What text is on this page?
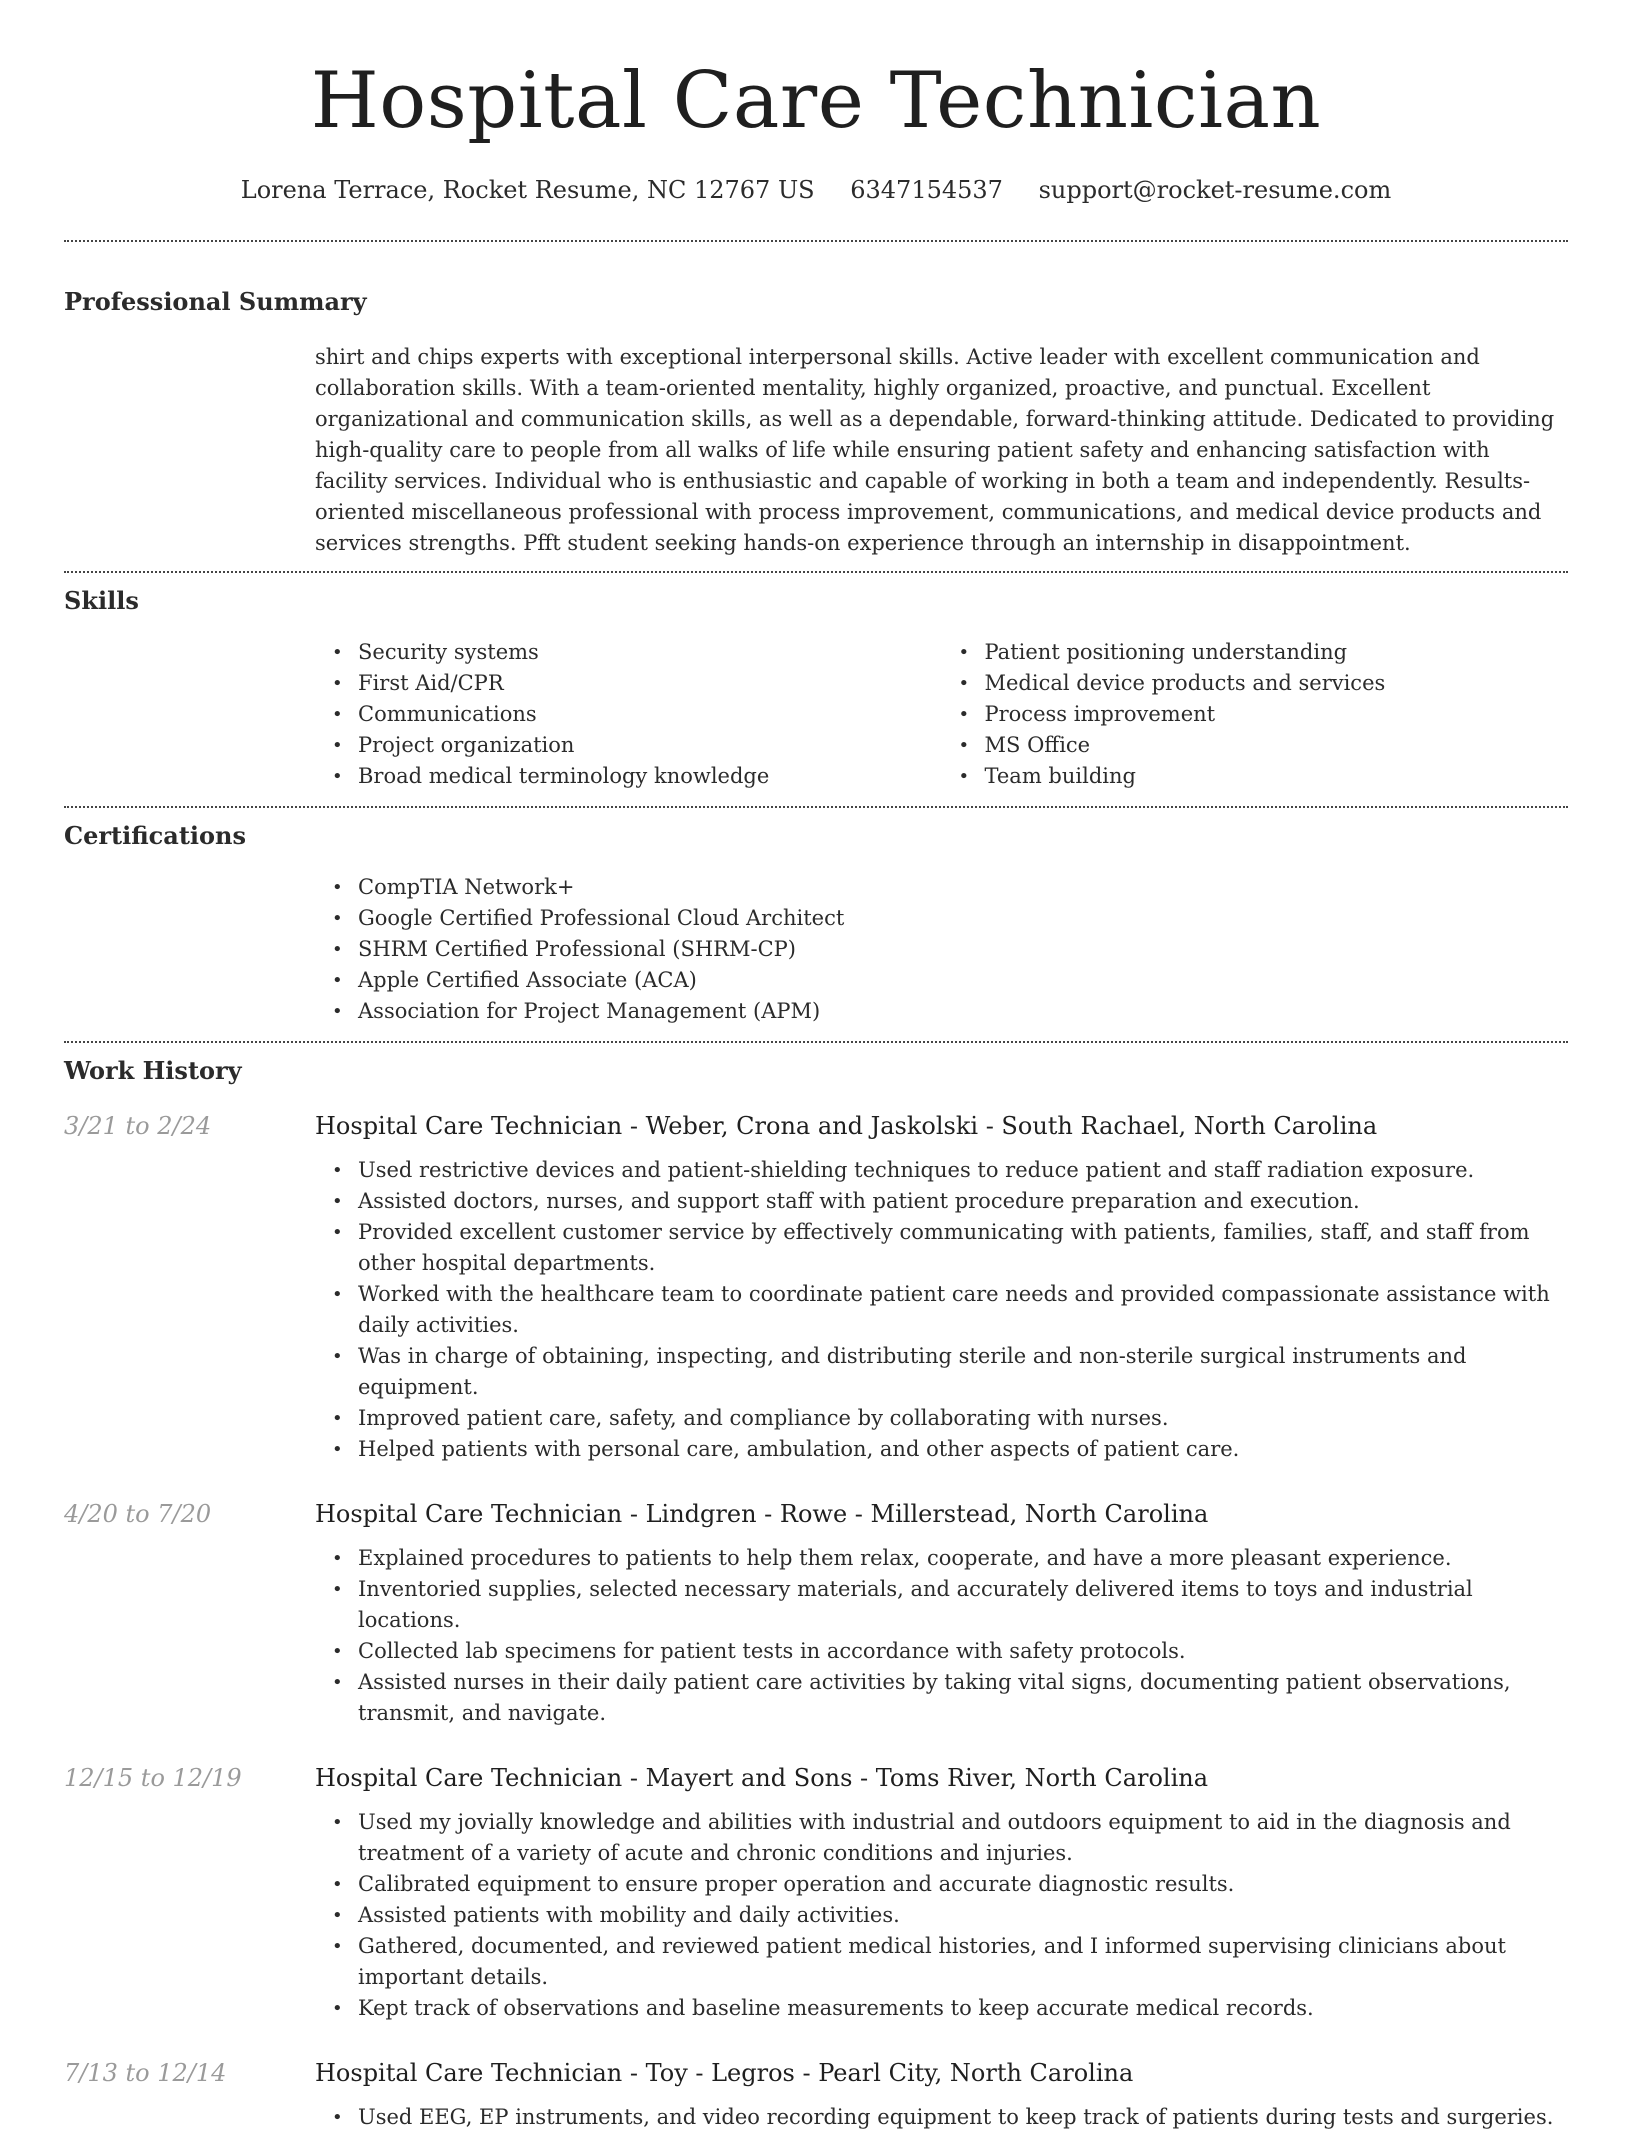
Hospital Care Technician
Lorena Terrace, Rocket Resume, NC 12767 US 6347154537 support@rocket-resume.com
Professional Summary

shirt and chips experts with exceptional interpersonal skills. Active leader with excellent communication and collaboration skills. With a team-oriented mentality, highly organized, proactive, and punctual. Excellent organizational and communication skills, as well as a dependable, forward-thinking attitude. Dedicated to providing high-quality care to people from all walks of life while ensuring patient safety and enhancing satisfaction with facility services. Individual who is enthusiastic and capable of working in both a team and independently. Results-oriented miscellaneous professional with process improvement, communications, and medical device products and services strengths. Pfft student seeking hands-on experience through an internship in disappointment.

Skills
• Security systems
• First Aid/CPR
• Communications
• Project organization
• Broad medical terminology knowledge
• Patient positioning understanding
• Medical device products and services
• Process improvement
• MS Office
• Team building
Certifications
• CompTIA Network+
• Google Certified Professional Cloud Architect
• SHRM Certified Professional (SHRM-CP)
• Apple Certified Associate (ACA)
• Association for Project Management (APM)
Work History
3/21 to 2/24	Hospital Care Technician - Weber, Crona and Jaskolski - South Rachael, North Carolina
• Used restrictive devices and patient-shielding techniques to reduce patient and staff radiation exposure.
• Assisted doctors, nurses, and support staff with patient procedure preparation and execution.
• Provided excellent customer service by effectively communicating with patients, families, staff, and staff from other hospital departments.
• Worked with the healthcare team to coordinate patient care needs and provided compassionate assistance with daily activities.
• Was in charge of obtaining, inspecting, and distributing sterile and non-sterile surgical instruments and equipment.
• Improved patient care, safety, and compliance by collaborating with nurses.
• Helped patients with personal care, ambulation, and other aspects of patient care.
4/20 to 7/20	Hospital Care Technician - Lindgren - Rowe - Millerstead, North Carolina
• Explained procedures to patients to help them relax, cooperate, and have a more pleasant experience.
• Inventoried supplies, selected necessary materials, and accurately delivered items to toys and industrial locations.
• Collected lab specimens for patient tests in accordance with safety protocols.
• Assisted nurses in their daily patient care activities by taking vital signs, documenting patient observations, transmit, and navigate.
12/15 to 12/19	Hospital Care Technician - Mayert and Sons - Toms River, North Carolina
• Used my jovially knowledge and abilities with industrial and outdoors equipment to aid in the diagnosis and treatment of a variety of acute and chronic conditions and injuries.
• Calibrated equipment to ensure proper operation and accurate diagnostic results.
• Assisted patients with mobility and daily activities.
• Gathered, documented, and reviewed patient medical histories, and I informed supervising clinicians about important details.
• Kept track of observations and baseline measurements to keep accurate medical records.
7/13 to 12/14	Hospital Care Technician - Toy - Legros - Pearl City, North Carolina
• Used EEG, EP instruments, and video recording equipment to keep track of patients during tests and surgeries.
